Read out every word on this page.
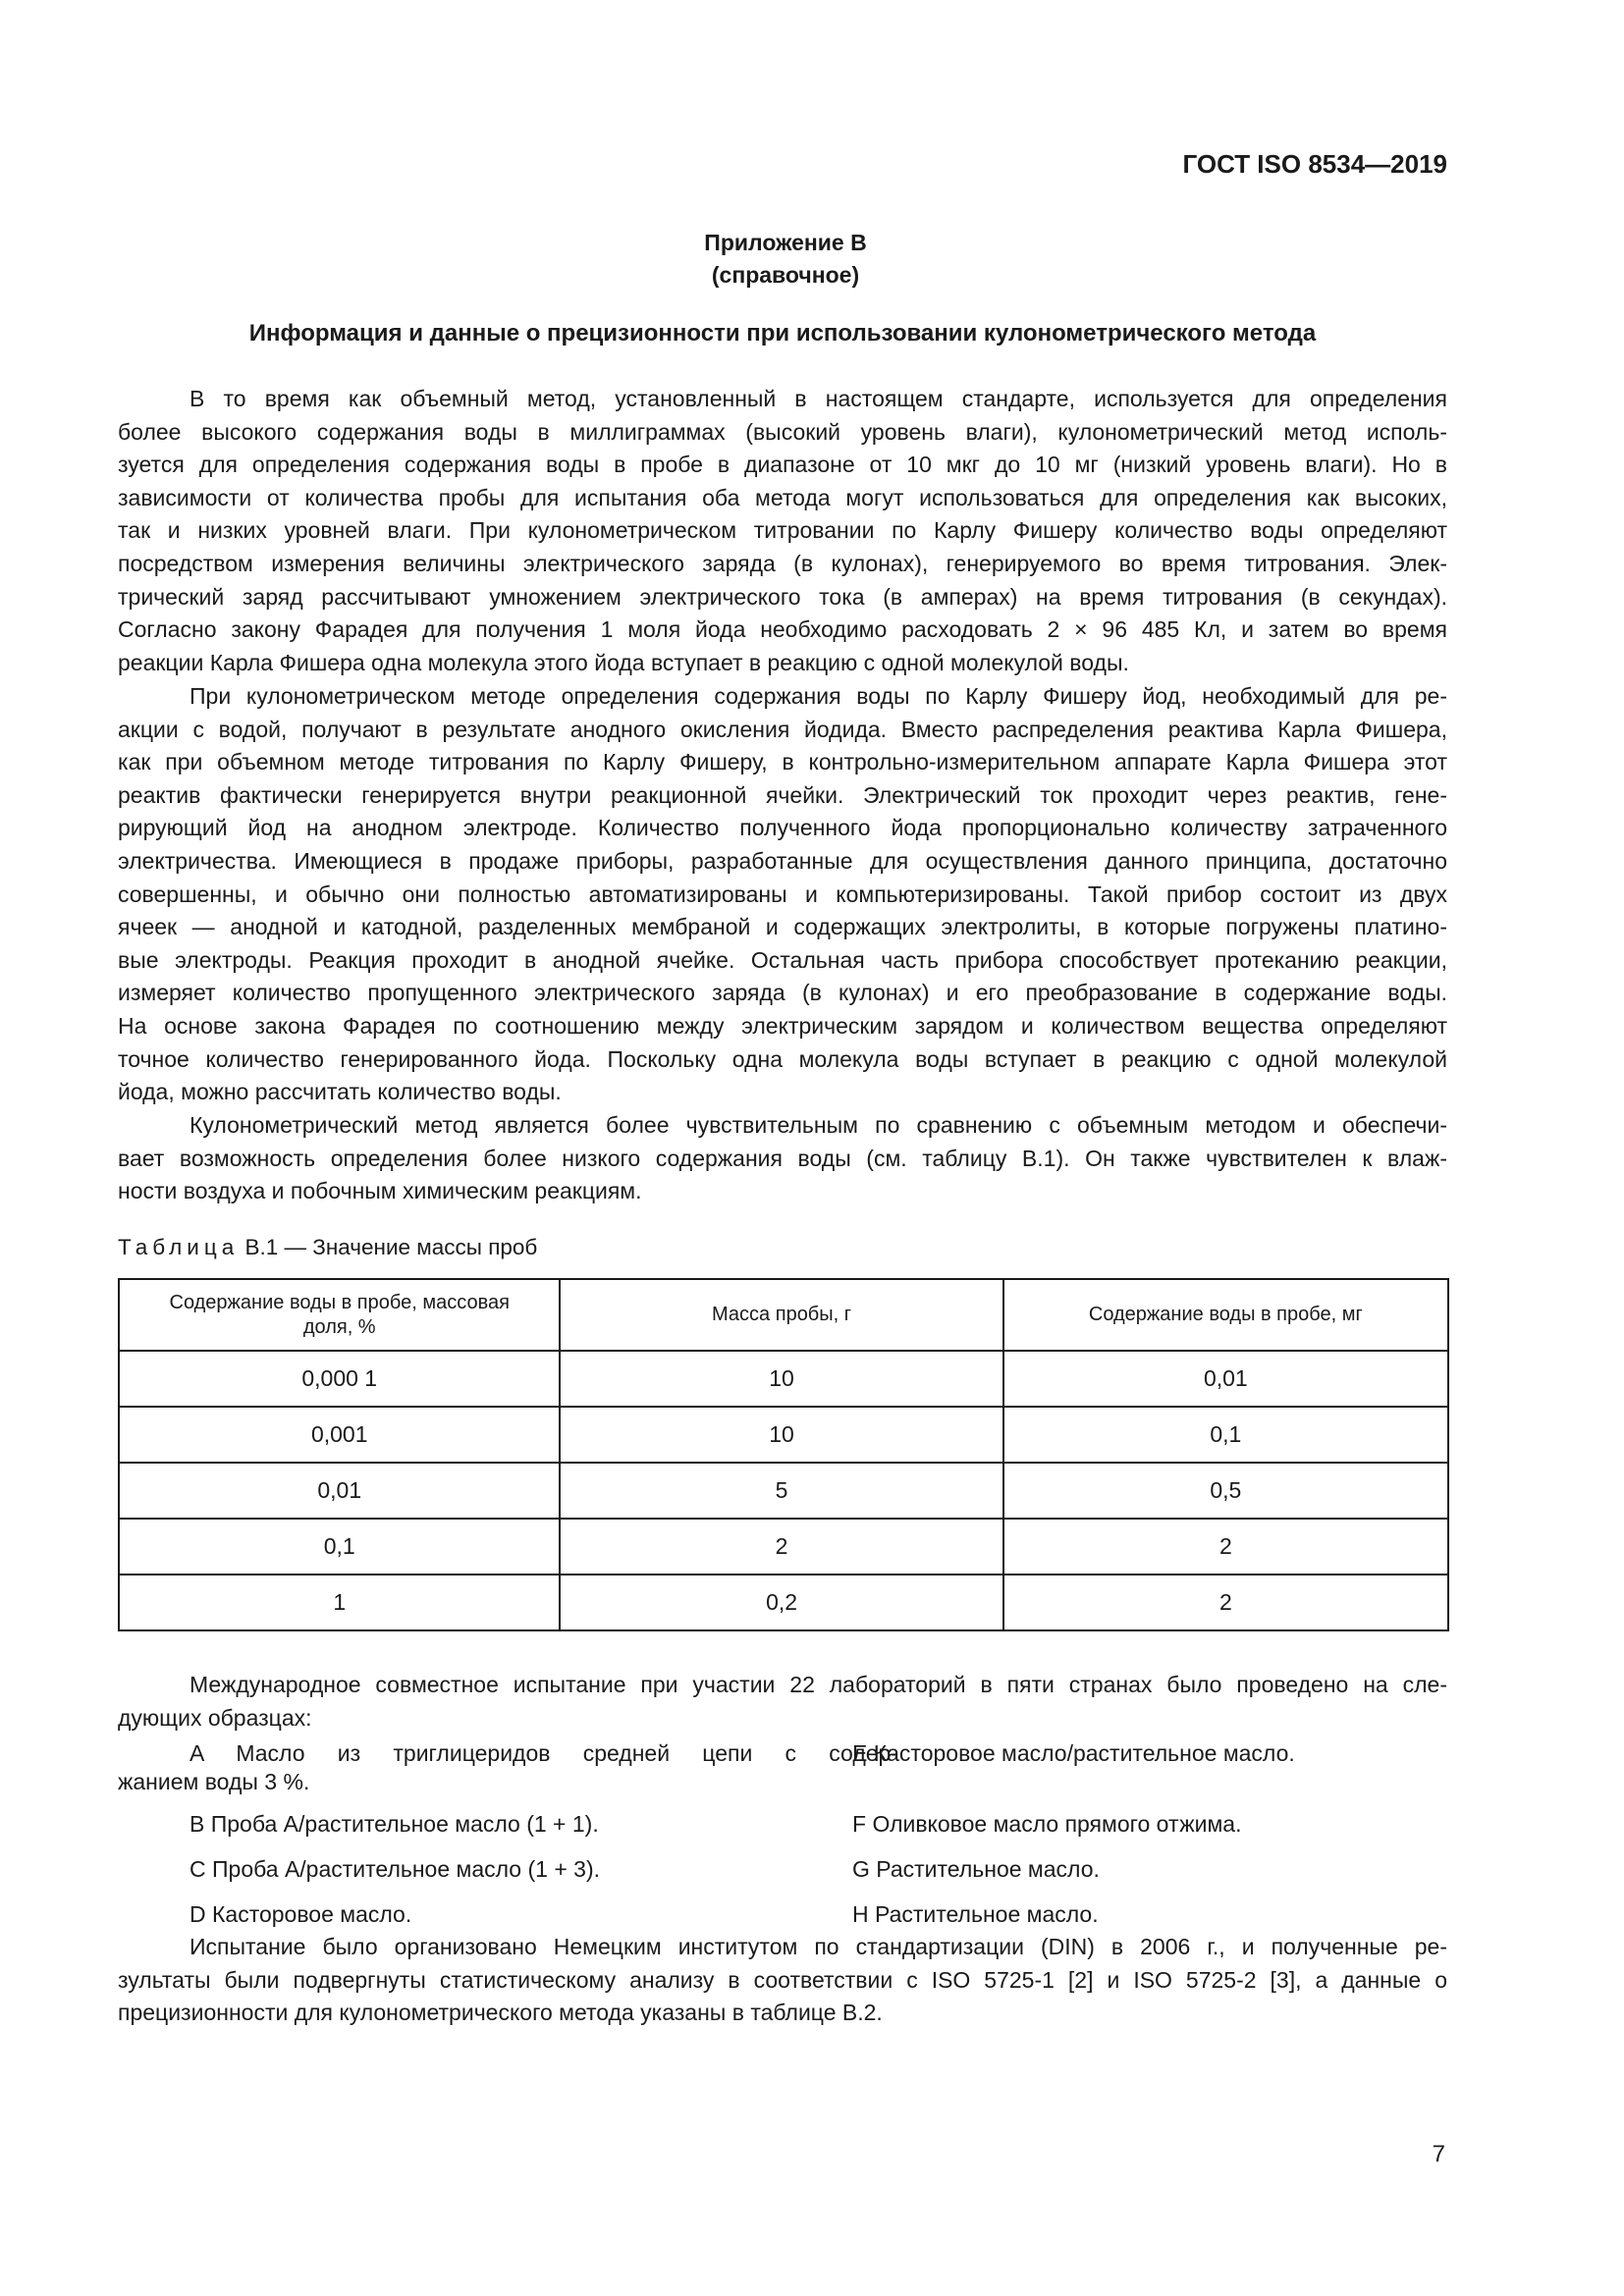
ГОСТ ISO 8534—2019

Приложение В
(справочное)
Информация и данные о прецизионности при использовании кулонометрического метода

В то время как объемный метод, установленный в настоящем стандарте, используется для определения
более высокого содержания воды в миллиграммах (высокий уровень влаги), кулонометрический метод исполь-
зуется для определения содержания воды в пробе в диапазоне от 10 мкг до 10 мг (низкий уровень влаги). Но в
зависимости от количества пробы для испытания оба метода могут использоваться для определения как высоких,
так и низких уровней влаги. При кулонометрическом титровании по Карлу Фишеру количество воды определяют
посредством измерения величины электрического заряда (в кулонах), генерируемого во время титрования. Элек-
трический заряд рассчитывают умножением электрического тока (в амперах) на время титрования (в секундах).
Согласно закону Фарадея для получения 1 моля йода необходимо расходовать 2 × 96 485 Кл, и затем во время
реакции Карла Фишера одна молекула этого йода вступает в реакцию с одной молекулой воды.

При кулонометрическом методе определения содержания воды по Карлу Фишеру йод, необходимый для ре-
акции с водой, получают в результате анодного окисления йодида. Вместо распределения реактива Карла Фишера,
как при объемном методе титрования по Карлу Фишеру, в контрольно-измерительном аппарате Карла Фишера этот
реактив фактически генерируется внутри реакционной ячейки. Электрический ток проходит через реактив, гене-
рирующий йод на анодном электроде. Количество полученного йода пропорционально количеству затраченного
электричества. Имеющиеся в продаже приборы, разработанные для осуществления данного принципа, достаточно
совершенны, и обычно они полностью автоматизированы и компьютеризированы. Такой прибор состоит из двух
ячеек — анодной и катодной, разделенных мембраной и содержащих электролиты, в которые погружены платино-
вые электроды. Реакция проходит в анодной ячейке. Остальная часть прибора способствует протеканию реакции,
измеряет количество пропущенного электрического заряда (в кулонах) и его преобразование в содержание воды.
На основе закона Фарадея по соотношению между электрическим зарядом и количеством вещества определяют
точное количество генерированного йода. Поскольку одна молекула воды вступает в реакцию с одной молекулой
йода, можно рассчитать количество воды.

Кулонометрический метод является более чувствительным по сравнению с объемным методом и обеспечи-
вает возможность определения более низкого содержания воды (см. таблицу В.1). Он также чувствителен к влаж-
ности воздуха и побочным химическим реакциям.

Таблица В.1 — Значение массы проб

Содержание воды в пробе, массовая доля, %	Масса пробы, г	Содержание воды в пробе, мг
0,000 1	10	0,01
0,001	10	0,1
0,01	5	0,5
0,1	2	2
1	0,2	2

Международное совместное испытание при участии 22 лабораторий в пяти странах было проведено на сле-
дующих образцах:

A Масло из триглицеридов средней цепи с содер-
жанием воды 3 %.
B Проба А/растительное масло (1 + 1).
C Проба А/растительное масло (1 + 3).
D Касторовое масло.
E Касторовое масло/растительное масло.
F Оливковое масло прямого отжима.
G Растительное масло.
H Растительное масло.

Испытание было организовано Немецким институтом по стандартизации (DIN) в 2006 г., и полученные ре-
зультаты были подвергнуты статистическому анализу в соответствии с ISO 5725-1 [2] и ISO 5725-2 [3], а данные о
прецизионности для кулонометрического метода указаны в таблице В.2.

7
